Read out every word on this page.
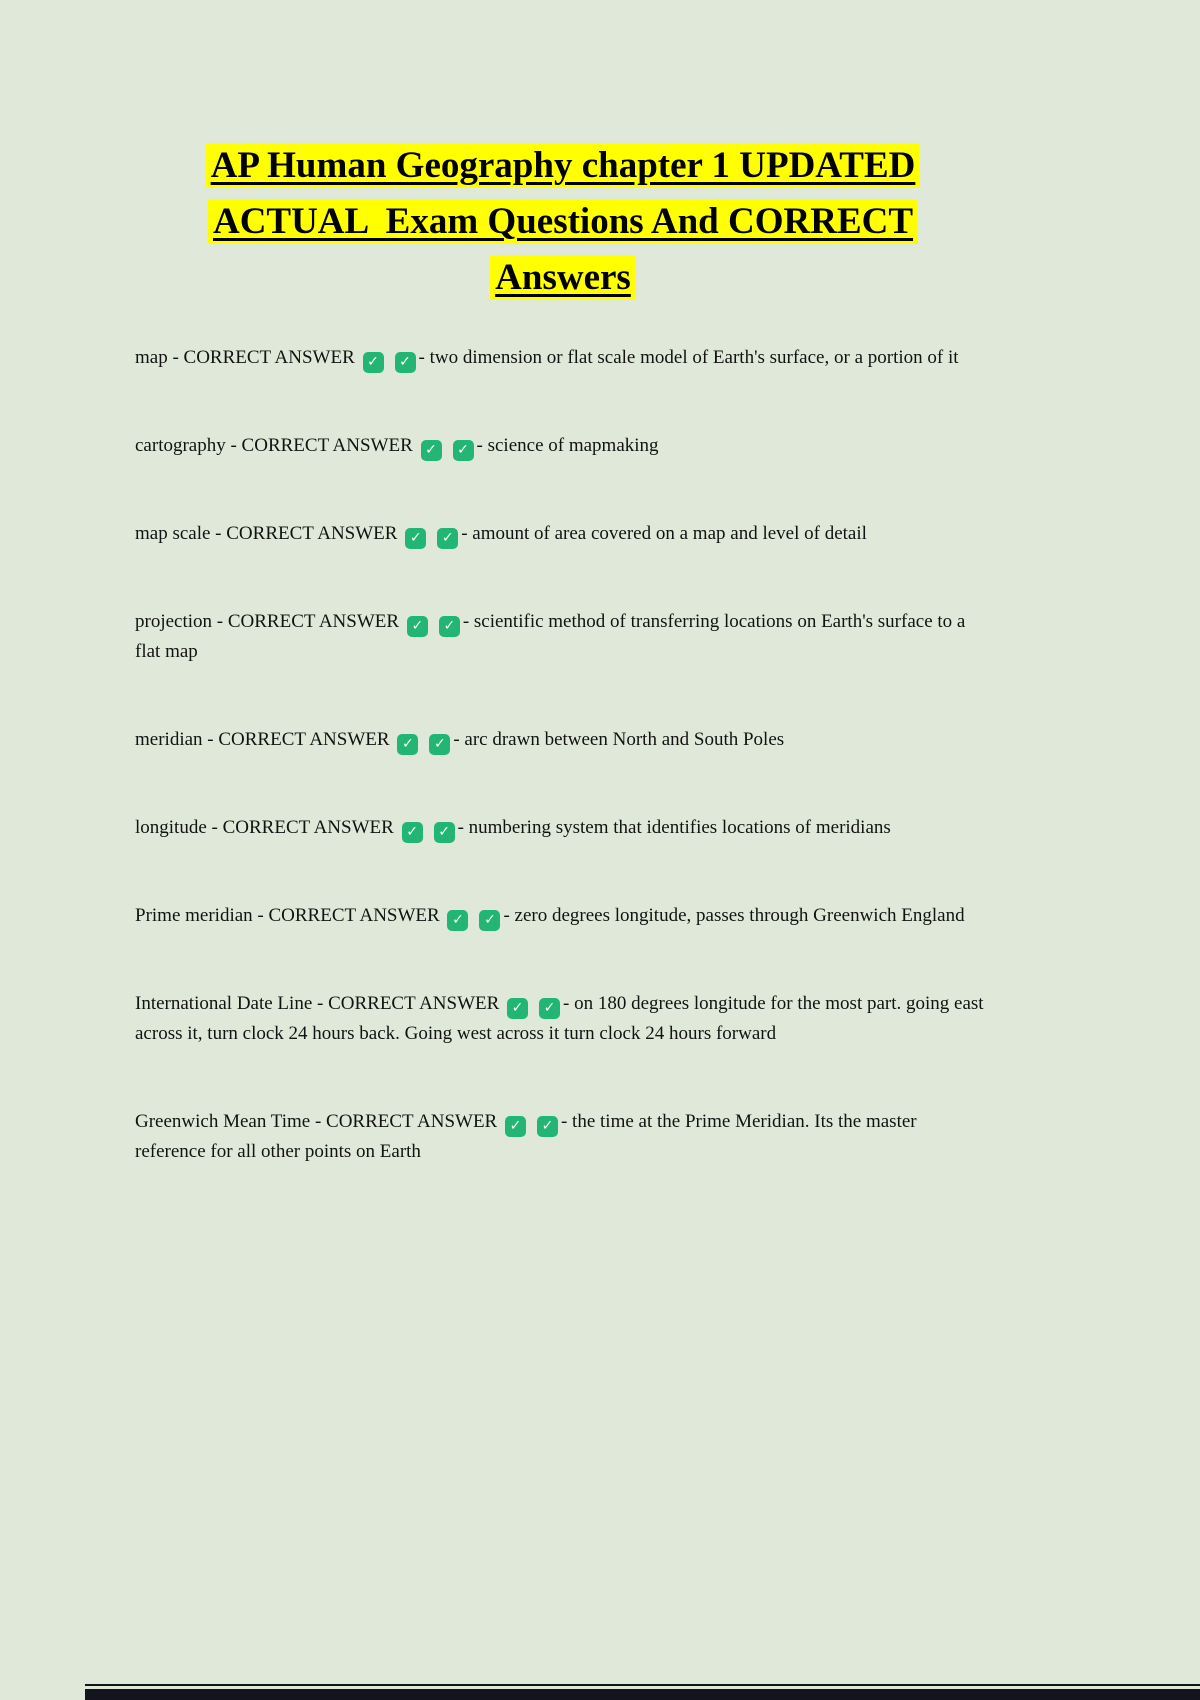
AP Human Geography chapter 1 UPDATED
ACTUAL  Exam Questions And CORRECT
Answers

map - CORRECT ANSWER ✓ ✓ - two dimension or flat scale model of Earth's surface, or a portion of it

cartography - CORRECT ANSWER ✓ ✓ - science of mapmaking

map scale - CORRECT ANSWER ✓ ✓ - amount of area covered on a map and level of detail

projection - CORRECT ANSWER ✓ ✓ - scientific method of transferring locations on Earth's surface to a flat map

meridian - CORRECT ANSWER ✓ ✓ - arc drawn between North and South Poles

longitude - CORRECT ANSWER ✓ ✓ - numbering system that identifies locations of meridians

Prime meridian - CORRECT ANSWER ✓ ✓ - zero degrees longitude, passes through Greenwich England

International Date Line - CORRECT ANSWER ✓ ✓ - on 180 degrees longitude for the most part. going east across it, turn clock 24 hours back. Going west across it turn clock 24 hours forward

Greenwich Mean Time - CORRECT ANSWER ✓ ✓ - the time at the Prime Meridian. Its the master reference for all other points on Earth
